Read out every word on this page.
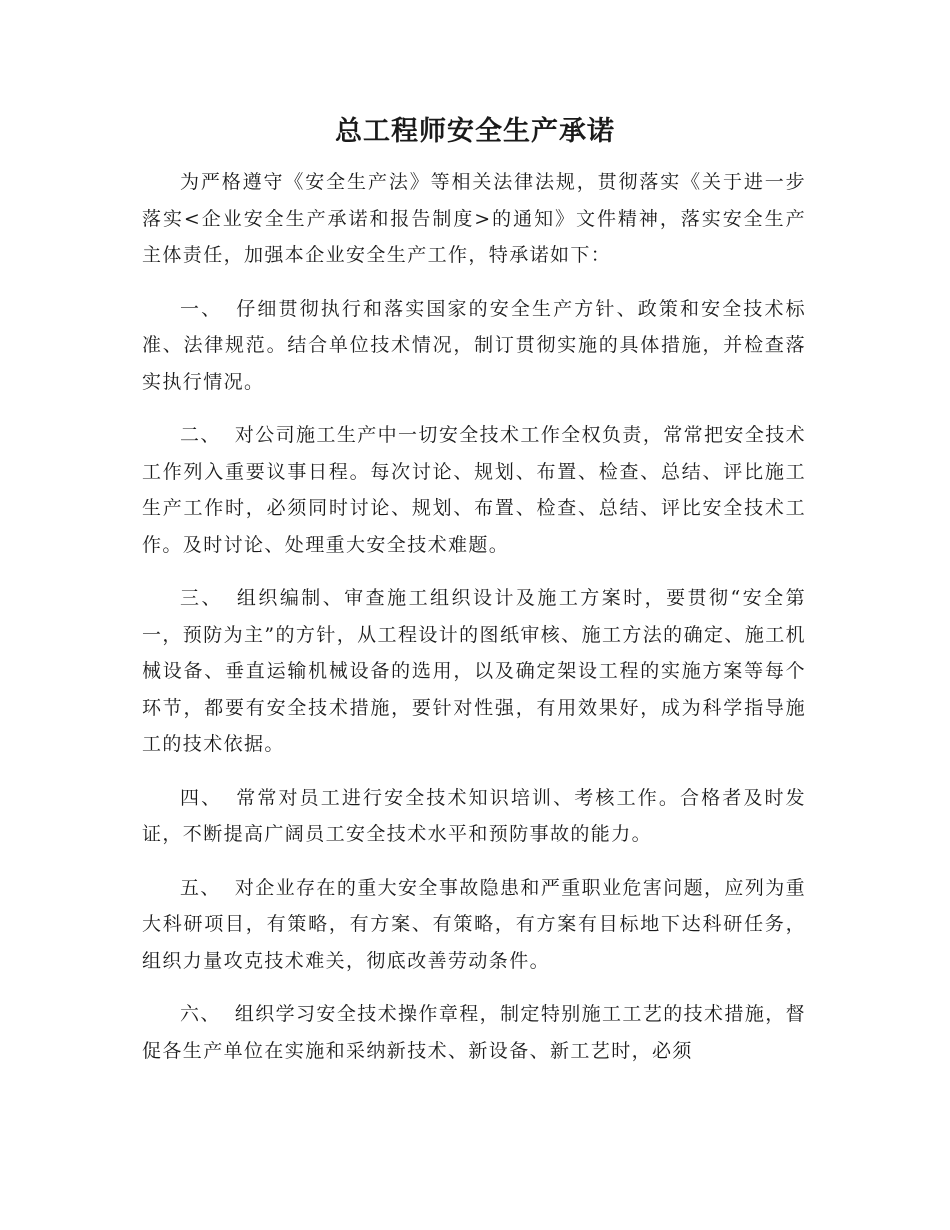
总工程师安全生产承诺

为严格遵守《安全生产法》等相关法律法规，贯彻落实《关于进一步落实<企业安全生产承诺和报告制度>的通知》文件精神，落实安全生产主体责任，加强本企业安全生产工作，特承诺如下：

一、 仔细贯彻执行和落实国家的安全生产方针、政策和安全技术标准、法律规范。结合单位技术情况，制订贯彻实施的具体措施，并检查落实执行情况。

二、 对公司施工生产中一切安全技术工作全权负责，常常把安全技术工作列入重要议事日程。每次讨论、规划、布置、检查、总结、评比施工生产工作时，必须同时讨论、规划、布置、检查、总结、评比安全技术工作。及时讨论、处理重大安全技术难题。

三、 组织编制、审查施工组织设计及施工方案时，要贯彻“安全第一，预防为主”的方针，从工程设计的图纸审核、施工方法的确定、施工机械设备、垂直运输机械设备的选用，以及确定架设工程的实施方案等每个环节，都要有安全技术措施，要针对性强，有用效果好，成为科学指导施工的技术依据。

四、 常常对员工进行安全技术知识培训、考核工作。合格者及时发证，不断提高广阔员工安全技术水平和预防事故的能力。

五、 对企业存在的重大安全事故隐患和严重职业危害问题，应列为重大科研项目，有策略，有方案、有策略，有方案有目标地下达科研任务，组织力量攻克技术难关，彻底改善劳动条件。

六、 组织学习安全技术操作章程，制定特别施工工艺的技术措施，督促各生产单位在实施和采纳新技术、新设备、新工艺时，必须
